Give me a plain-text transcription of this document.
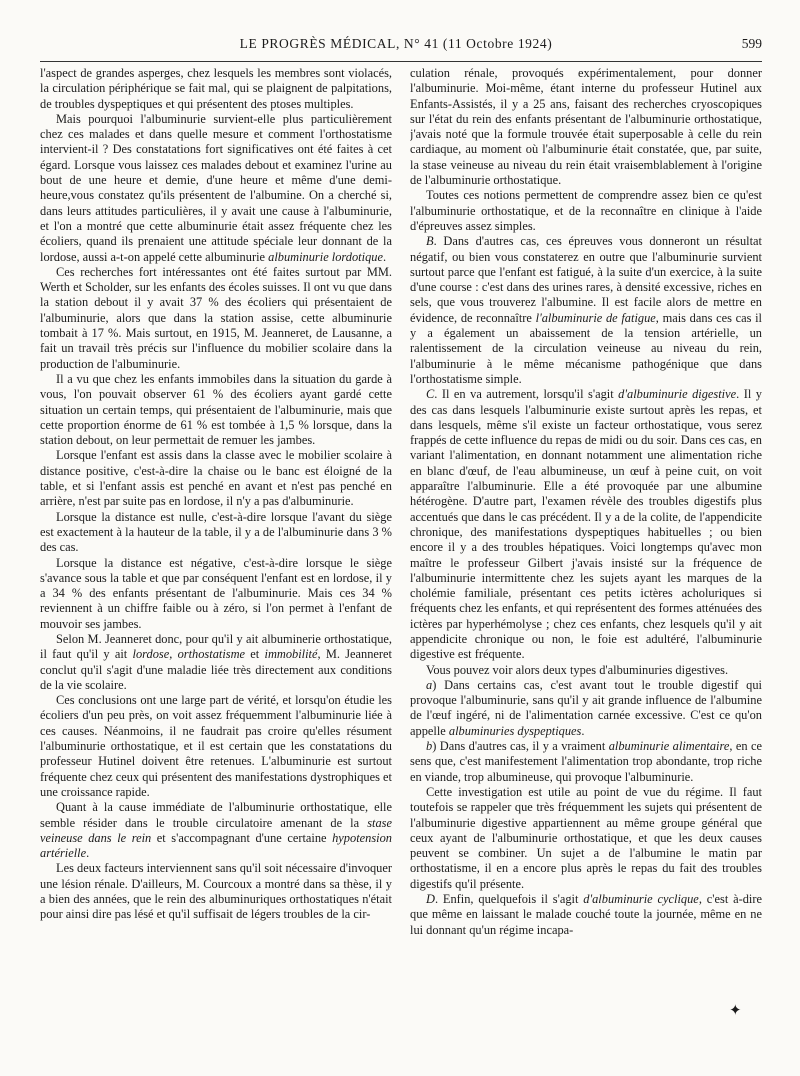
LE PROGRÈS MÉDICAL, N° 41 (11 Octobre 1924)	599

l'aspect de grandes asperges, chez lesquels les membres sont violacés, la circulation périphérique se fait mal, qui se plaignent de palpitations, de troubles dyspeptiques et qui présentent des ptoses multiples.

Mais pourquoi l'albuminurie survient-elle plus particulièrement chez ces malades et dans quelle mesure et comment l'orthostatisme intervient-il ? Des constatations fort significatives ont été faites à cet égard. Lorsque vous laissez ces malades debout et examinez l'urine au bout de une heure et demie, d'une heure et même d'une demi-heure,vous constatez qu'ils présentent de l'albumine. On a cherché si, dans leurs attitudes particulières, il y avait une cause à l'albuminurie, et l'on a montré que cette albuminurie était assez fréquente chez les écoliers, quand ils prenaient une attitude spéciale leur donnant de la lordose, aussi a-t-on appelé cette albuminurie albuminurie lordotique.

Ces recherches fort intéressantes ont été faites surtout par MM. Werth et Scholder, sur les enfants des écoles suisses. Il ont vu que dans la station debout il y avait 37 % des écoliers qui présentaient de l'albuminurie, alors que dans la station assise, cette albuminurie tombait à 17 %. Mais surtout, en 1915, M. Jeanneret, de Lausanne, a fait un travail très précis sur l'influence du mobilier scolaire dans la production de l'albuminurie.

Il a vu que chez les enfants immobiles dans la situation du garde à vous, l'on pouvait observer 61 % des écoliers ayant gardé cette situation un certain temps, qui présentaient de l'albuminurie, mais que cette proportion énorme de 61 % est tombée à 1,5 % lorsque, dans la station debout, on leur permettait de remuer les jambes.

Lorsque l'enfant est assis dans la classe avec le mobilier scolaire à distance positive, c'est-à-dire la chaise ou le banc est éloigné de la table, et si l'enfant assis est penché en avant et n'est pas penché en arrière, n'est par suite pas en lordose, il n'y a pas d'albuminurie.

Lorsque la distance est nulle, c'est-à-dire lorsque l'avant du siège est exactement à la hauteur de la table, il y a de l'albuminurie dans 3 % des cas.

Lorsque la distance est négative, c'est-à-dire lorsque le siège s'avance sous la table et que par conséquent l'enfant est en lordose, il y a 34 % des enfants présentant de l'albuminurie. Mais ces 34 % reviennent à un chiffre faible ou à zéro, si l'on permet à l'enfant de mouvoir ses jambes.

Selon M. Jeanneret donc, pour qu'il y ait albuminerie orthostatique, il faut qu'il y ait lordose, orthostatisme et immobilité, M. Jeanneret conclut qu'il s'agit d'une maladie liée très directement aux conditions de la vie scolaire.

Ces conclusions ont une large part de vérité, et lorsqu'on étudie les écoliers d'un peu près, on voit assez fréquemment l'albuminurie liée à ces causes. Néanmoins, il ne faudrait pas croire qu'elles résument l'albuminurie orthostatique, et il est certain que les constatations du professeur Hutinel doivent être retenues. L'albuminurie est surtout fréquente chez ceux qui présentent des manifestations dystrophiques et une croissance rapide.

Quant à la cause immédiate de l'albuminurie orthostatique, elle semble résider dans le trouble circulatoire amenant de la stase veineuse dans le rein et s'accompagnant d'une certaine hypotension artérielle.

Les deux facteurs interviennent sans qu'il soit nécessaire d'invoquer une lésion rénale. D'ailleurs, M. Courcoux a montré dans sa thèse, il y a bien des années, que le rein des albuminuriques orthostatiques n'était pour ainsi dire pas lésé et qu'il suffisait de légers troubles de la cir-

culation rénale, provoqués expérimentalement, pour donner l'albuminurie. Moi-même, étant interne du professeur Hutinel aux Enfants-Assistés, il y a 25 ans, faisant des recherches cryoscopiques sur l'état du rein des enfants présentant de l'albuminurie orthostatique, j'avais noté que la formule trouvée était superposable à celle du rein cardiaque, au moment où l'albuminurie était constatée, que, par suite, la stase veineuse au niveau du rein était vraisemblablement à l'origine de l'albuminurie orthostatique.

Toutes ces notions permettent de comprendre assez bien ce qu'est l'albuminurie orthostatique, et de la reconnaître en clinique à l'aide d'épreuves assez simples.

B. Dans d'autres cas, ces épreuves vous donneront un résultat négatif, ou bien vous constaterez en outre que l'albuminurie survient surtout parce que l'enfant est fatigué, à la suite d'un exercice, à la suite d'une course : c'est dans des urines rares, à densité excessive, riches en sels, que vous trouverez l'albumine. Il est facile alors de mettre en évidence, de reconnaître l'albuminurie de fatigue, mais dans ces cas il y a également un abaissement de la tension artérielle, un ralentissement de la circulation veineuse au niveau du rein, l'albuminurie à le même mécanisme pathogénique que dans l'orthostatisme simple.

C. Il en va autrement, lorsqu'il s'agit d'albuminurie digestive. Il y des cas dans lesquels l'albuminurie existe surtout après les repas, et dans lesquels, même s'il existe un facteur orthostatique, vous serez frappés de cette influence du repas de midi ou du soir. Dans ces cas, en variant l'alimentation, en donnant notamment une alimentation riche en blanc d'œuf, de l'eau albumineuse, un œuf à peine cuit, on voit apparaître l'albuminurie. Elle a été provoquée par une albumine hétérogène. D'autre part, l'examen révèle des troubles digestifs plus accentués que dans le cas précédent. Il y a de la colite, de l'appendicite chronique, des manifestations dyspeptiques habituelles ; ou bien encore il y a des troubles hépatiques. Voici longtemps qu'avec mon maître le professeur Gilbert j'avais insisté sur la fréquence de l'albuminurie intermittente chez les sujets ayant les marques de la cholémie familiale, présentant ces petits ictères acholuriques si fréquents chez les enfants, et qui représentent des formes atténuées des ictères par hyperhémolyse ; chez ces enfants, chez lesquels qu'il y ait appendicite chronique ou non, le foie est adultéré, l'albuminurie digestive est fréquente.

Vous pouvez voir alors deux types d'albuminuries digestives.

a) Dans certains cas, c'est avant tout le trouble digestif qui provoque l'albuminurie, sans qu'il y ait grande influence de l'albumine de l'œuf ingéré, ni de l'alimentation carnée excessive. C'est ce qu'on appelle albuminuries dyspeptiques.

b) Dans d'autres cas, il y a vraiment albuminurie alimentaire, en ce sens que, c'est manifestement l'alimentation trop abondante, trop riche en viande, trop albumineuse, qui provoque l'albuminurie.

Cette investigation est utile au point de vue du régime. Il faut toutefois se rappeler que très fréquemment les sujets qui présentent de l'albuminurie digestive appartiennent au même groupe général que ceux ayant de l'albuminurie orthostatique, et que les deux causes peuvent se combiner. Un sujet a de l'albumine le matin par orthostatisme, il en a encore plus après le repas du fait des troubles digestifs qu'il présente.

D. Enfin, quelquefois il s'agit d'albuminurie cyclique, c'est à-dire que même en laissant le malade couché toute la journée, même en ne lui donnant qu'un régime incapa-

✦
